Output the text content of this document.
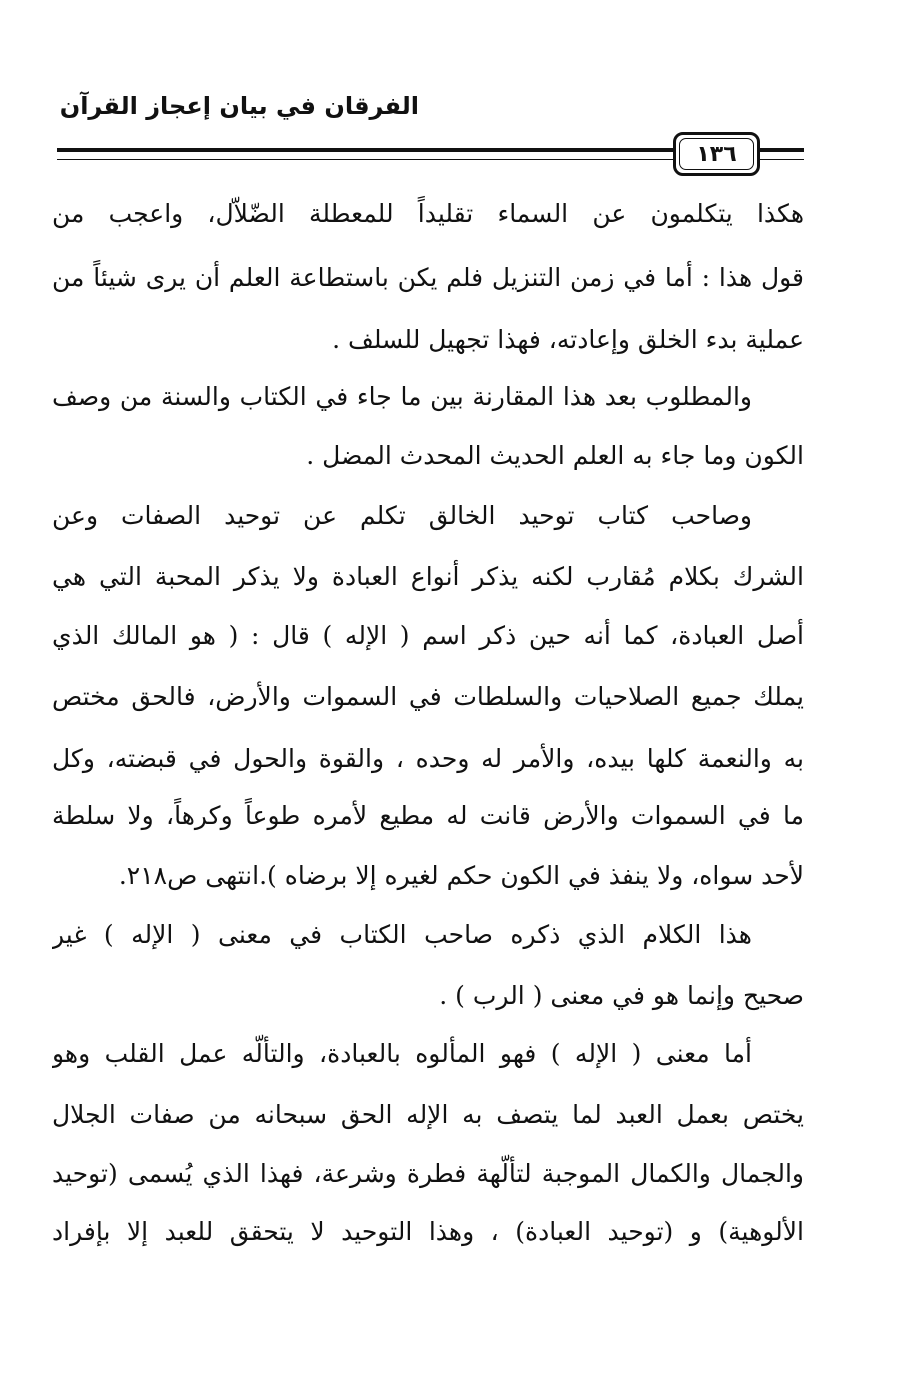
الفرقان في بيان إعجاز القرآن
١٣٦
هكذا يتكلمون عن السماء تقليداً للمعطلة الضّلاّل، واعجب من
قول هذا : أما في زمن التنزيل فلم يكن باستطاعة العلم أن يرى شيئاً من
عملية بدء الخلق وإعادته، فهذا تجهيل للسلف .
والمطلوب بعد هذا المقارنة بين ما جاء في الكتاب والسنة من وصف
الكون وما جاء به العلم الحديث المحدث المضل .
وصاحب كتاب توحيد الخالق تكلم عن توحيد الصفات وعن
الشرك بكلام مُقارب لكنه يذكر أنواع العبادة ولا يذكر المحبة التي هي
أصل العبادة، كما أنه حين ذكر اسم ( الإله ) قال : ( هو المالك الذي
يملك جميع الصلاحيات والسلطات في السموات والأرض، فالحق مختص
به والنعمة كلها بيده، والأمر له وحده ، والقوة والحول في قبضته، وكل
ما في السموات والأرض قانت له مطيع لأمره طوعاً وكرهاً، ولا سلطة
لأحد سواه، ولا ينفذ في الكون حكم لغيره إلا برضاه ).انتهى ص٢١٨.
هذا الكلام الذي ذكره صاحب الكتاب في معنى ( الإله ) غير
صحيح وإنما هو في معنى ( الرب ) .
أما معنى ( الإله ) فهو المألوه بالعبادة، والتألّه عمل القلب وهو
يختص بعمل العبد لما يتصف به الإله الحق سبحانه من صفات الجلال
والجمال والكمال الموجبة لتألّهة فطرة وشرعة، فهذا الذي يُسمى (توحيد
الألوهية) و (توحيد العبادة) ، وهذا التوحيد لا يتحقق للعبد إلا بإفراد
